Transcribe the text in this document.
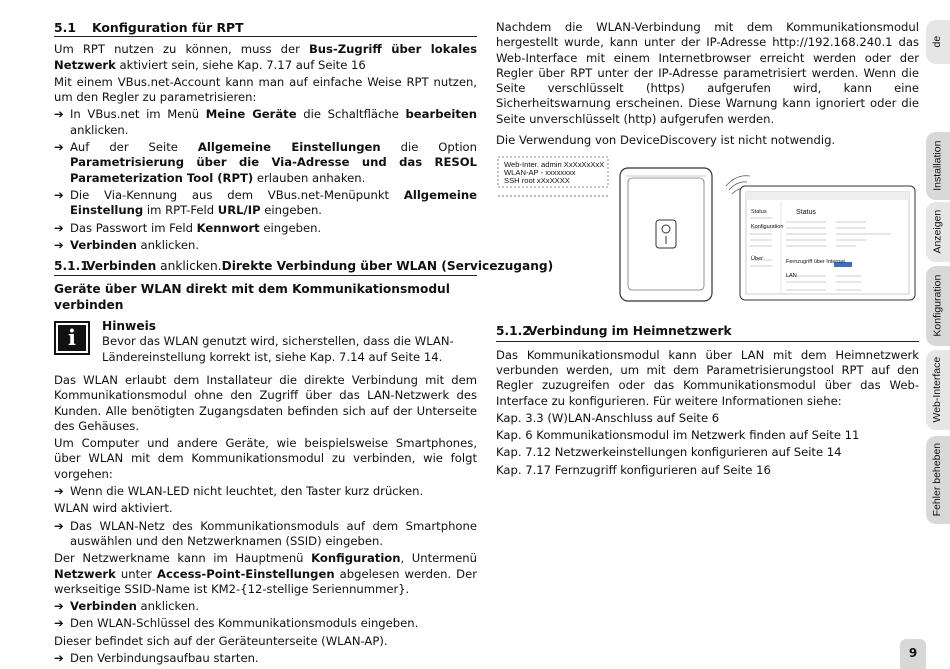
5.1	Konfiguration für RPT

Um RPT nutzen zu können, muss der Bus-Zugriff über lokales Netzwerk aktiviert sein, siehe Kap. 7.17 auf Seite 16

Mit einem VBus.net-Account kann man auf einfache Weise RPT nutzen, um den Regler zu parametrisieren:

➔ In VBus.net im Menü Meine Geräte die Schaltfläche bearbeiten anklicken.
➔ Auf der Seite Allgemeine Einstellungen die Option Parametrisierung über die Via-Adresse und das RESOL Parameterization Tool (RPT) erlauben anhaken.
➔ Die Via-Kennung aus dem VBus.net-Menüpunkt Allgemeine Einstellung im RPT-Feld URL/IP eingeben.
➔ Das Passwort im Feld Kennwort eingeben.
➔ Verbinden anklicken.
5.1.1
Verbinden anklicken.Direkte Verbindung über WLAN (Servicezugang)
Geräte über WLAN direkt mit dem Kommunikationsmodul verbinden
i	Hinweis

Bevor das WLAN genutzt wird, sicherstellen, dass die WLAN-Ländereinstellung korrekt ist, siehe Kap. 7.14 auf Seite 14.

Das WLAN erlaubt dem Installateur die direkte Verbindung mit dem Kommunikationsmodul ohne den Zugriff über das LAN-Netzwerk des Kunden. Alle benötigten Zugangsdaten befinden sich auf der Unterseite des Gehäuses.

Um Computer und andere Geräte, wie beispielsweise Smartphones, über WLAN mit dem Kommunikationsmodul zu verbinden, wie folgt vorgehen:

➔ Wenn die WLAN-LED nicht leuchtet, den Taster kurz drücken.

WLAN wird aktiviert.

➔ Das WLAN-Netz des Kommunikationsmoduls auf dem Smartphone auswählen und den Netzwerknamen (SSID) eingeben.

Der Netzwerkname kann im Hauptmenü Konfiguration, Untermenü Netzwerk unter Access-Point-Einstellungen abgelesen werden. Der werkseitige SSID-Name ist KM2-{12-stellige Seriennummer}.

➔ Verbinden anklicken.
➔ Den WLAN-Schlüssel des Kommunikationsmoduls eingeben.

Dieser befindet sich auf der Geräteunterseite (WLAN-AP).

➔ Den Verbindungsaufbau starten.

Nachdem die WLAN-Verbindung mit dem Kommunikationsmodul hergestellt wurde, kann unter der IP-Adresse http://192.168.240.1 das Web-Interface mit einem Internetbrowser erreicht werden oder der Regler über RPT unter der IP-Adresse parametrisiert werden. Wenn die Seite verschlüsselt (https) aufgerufen wird, kann eine Sicherheitswarnung erscheinen. Diese Warnung kann ignoriert oder die Seite unverschlüsselt (http) aufgerufen werden.

Die Verwendung von DeviceDiscovery ist nicht notwendig.

Web-Inter. admin XxXxXxXxX
WLAN-AP - xxxxxxxx
SSH root xXxXXXX
Status
Status
Konfiguration
Über	Fernzugriff über Internet
LAN
5.1.2
Verbindung im Heimnetzwerk

Das Kommunikationsmodul kann über LAN mit dem Heimnetzwerk verbunden werden, um mit dem Parametrisierungstool RPT auf den Regler zuzugreifen oder das Kommunikationsmodul über das Web-Interface zu konfigurieren. Für weitere Informationen siehe:

Kap. 3.3 (W)LAN-Anschluss auf Seite 6

Kap. 6 Kommunikationsmodul im Netzwerk finden auf Seite 11

Kap. 7.12 Netzwerkeinstellungen konfigurieren auf Seite 14

Kap. 7.17 Fernzugriff konfigurieren auf Seite 16

de
Installation
Anzeigen
Konfiguration
Web-Interface
Fehler beheben
9
